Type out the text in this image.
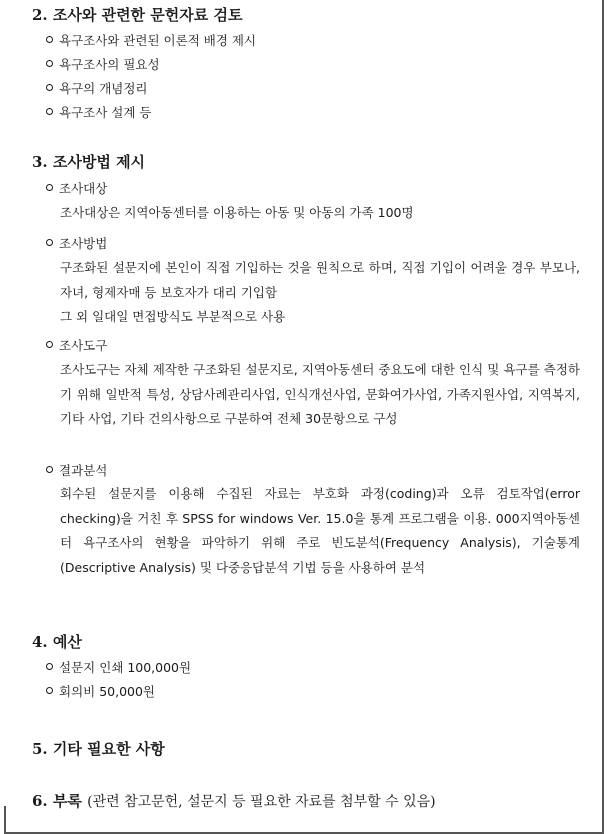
2. 조사와 관련한 문헌자료 검토
욕구조사와 관련된 이론적 배경 제시
욕구조사의 필요성
욕구의 개념정리
욕구조사 설계 등
3. 조사방법 제시
조사대상
조사대상은 지역아동센터를 이용하는 아동 및 아동의 가족 100명
조사방법
구조화된 설문지에 본인이 직접 기입하는 것을 원칙으로 하며, 직접 기입이 어려울 경우 부모나, 자녀, 형제자매 등 보호자가 대리 기입함
그 외 일대일 면접방식도 부분적으로 사용
조사도구
조사도구는 자체 제작한 구조화된 설문지로, 지역아동센터 중요도에 대한 인식 및 욕구를 측정하기 위해 일반적 특성, 상담사례관리사업, 인식개선사업, 문화여가사업, 가족지원사업, 지역복지, 기타 사업, 기타 건의사항으로 구분하여 전체 30문항으로 구성
결과분석
회수된 설문지를 이용해 수집된 자료는 부호화 과정(coding)과 오류 검토작업(error checking)을 거친 후 SPSS for windows Ver. 15.0을 통계 프로그램을 이용. 000지역아동센터 욕구조사의 현황을 파악하기 위해 주로 빈도분석(Frequency Analysis), 기술통계(Descriptive Analysis) 및 다중응답분석 기법 등을 사용하여 분석
4. 예산
설문지 인쇄 100,000원
회의비 50,000원
5. 기타 필요한 사항
6. 부록 (관련 참고문헌, 설문지 등 필요한 자료를 첨부할 수 있음)
